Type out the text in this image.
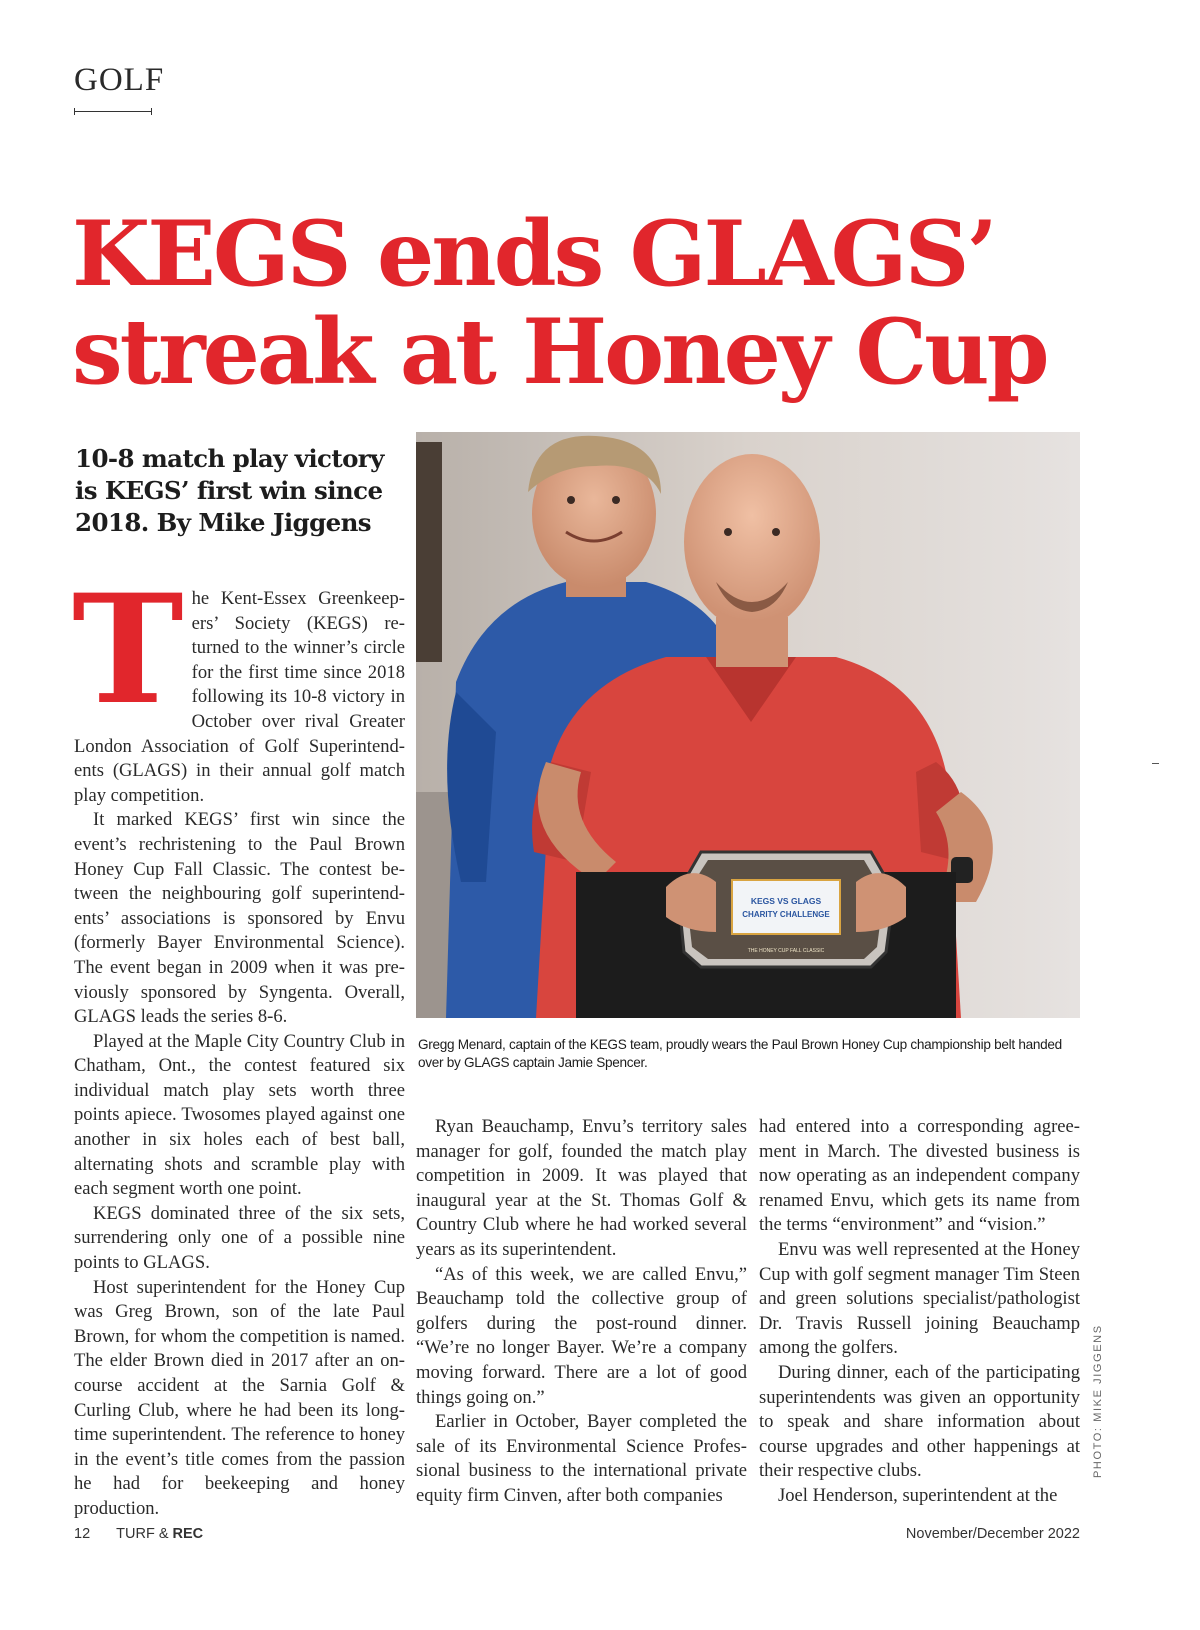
GOLF
KEGS ends GLAGS’
streak at Honey Cup
10-8 match play victory is KEGS’ first win since 2018. By Mike Jiggens

The Kent-Essex Greenkeepers’ Society (KEGS) returned to the winner’s circle for the first time since 2018 following its 10-8 victory in October over rival Greater London Association of Golf Superintendents (GLAGS) in their annual golf match play competition.

It marked KEGS’ first win since the event’s rechristening to the Paul Brown Honey Cup Fall Classic. The contest between the neighbouring golf superintendents’ associations is sponsored by Envu (formerly Bayer Environmental Science). The event began in 2009 when it was previously sponsored by Syngenta. Overall, GLAGS leads the series 8-6.

Played at the Maple City Country Club in Chatham, Ont., the contest featured six individual match play sets worth three points apiece. Twosomes played against one another in six holes each of best ball, alternating shots and scramble play with each segment worth one point.

KEGS dominated three of the six sets, surrendering only one of a possible nine points to GLAGS.

Host superintendent for the Honey Cup was Greg Brown, son of the late Paul Brown, for whom the competition is named. The elder Brown died in 2017 after an on-course accident at the Sarnia Golf & Curling Club, where he had been its longtime superintendent. The reference to honey in the event’s title comes from the passion he had for beekeeping and honey production.

KEGS VS GLAGS
CHARITY CHALLENGE
THE HONEY CUP FALL CLASSIC
Gregg Menard, captain of the KEGS team, proudly wears the Paul Brown Honey Cup championship belt handed over by GLAGS captain Jamie Spencer.
PHOTO: MIKE JIGGENS

Ryan Beauchamp, Envu’s territory sales manager for golf, founded the match play competition in 2009. It was played that inaugural year at the St. Thomas Golf & Country Club where he had worked several years as its superintendent.

“As of this week, we are called Envu,” Beauchamp told the collective group of golfers during the post-round dinner. “We’re no longer Bayer. We’re a company moving forward. There are a lot of good things going on.”

Earlier in October, Bayer completed the sale of its Environmental Science Professional business to the international private equity firm Cinven, after both companies

had entered into a corresponding agreement in March. The divested business is now operating as an independent company renamed Envu, which gets its name from the terms “environment” and “vision.”

Envu was well represented at the Honey Cup with golf segment manager Tim Steen and green solutions specialist/pathologist Dr. Travis Russell joining Beauchamp among the golfers.

During dinner, each of the participating superintendents was given an opportunity to speak and share information about course upgrades and other happenings at their respective clubs.

Joel Henderson, superintendent at the

12 TURF & REC	November/December 2022
